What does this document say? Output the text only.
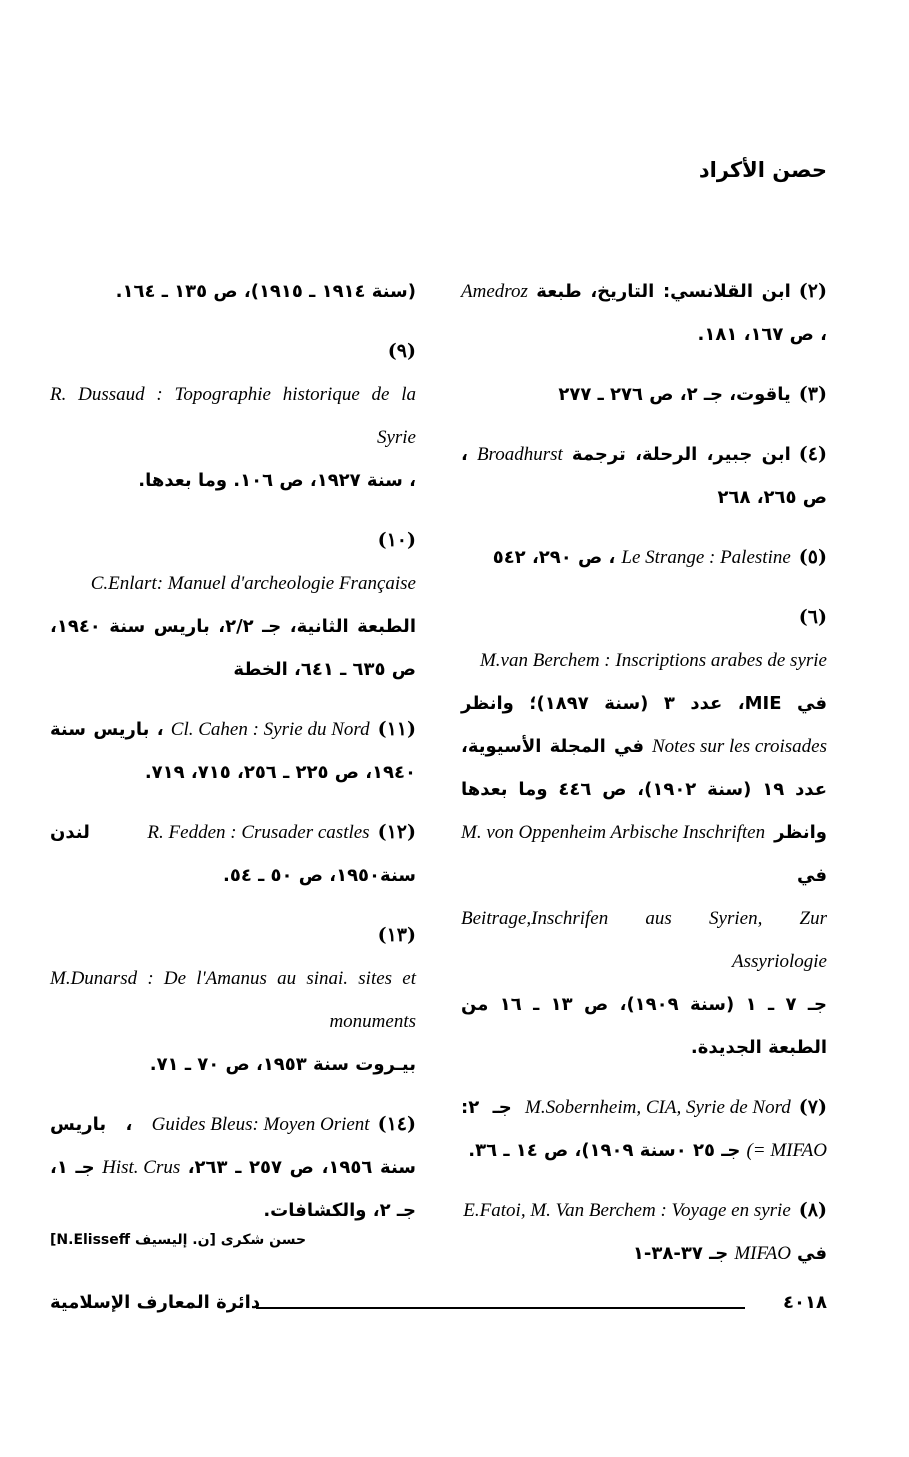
حصن الأكراد
(٢)ابن القلانسي: التاريخ، طبعة Amedroz ، ص ١٦٧، ١٨١.
(٣)ياقوت، جـ ٢، ص ٢٧٦ ـ ٢٧٧
(٤)ابن جبير، الرحلة، ترجمة Broadhurst ، ص ٢٦٥، ٢٦٨
(٥)Le Strange : Palestine ، ص ٢٩٠، ٥٤٢
(٦)M.van Berchem : Inscriptions arabes de syrie في MIE، عدد ٣ (سنة ١٨٩٧)؛ وانظر Notes sur les croisades في المجلة الأسيوية، عدد ١٩ (سنة ١٩٠٢)، ص ٤٤٦ وما بعدها وانظر M. von Oppenheim Arbische Inschriften في Beitrage,Inschrifen aus Syrien, Zur Assyriologie جـ ٧ ـ ١ (سنة ١٩٠٩)، ص ١٣ ـ ١٦ من الطبعة الجديدة.
(٧)M.Sobernheim, CIA, Syrie de Nord جـ ٢: (= MIFAO جـ ٢٥ ٠سنة ١٩٠٩)، ص ١٤ ـ ٣٦.
(٨)E.Fatoi, M. Van Berchem : Voyage en syrie في MIFAO جـ ٣٧-٣٨-١
(سنة ١٩١٤ ـ ١٩١٥)، ص ١٣٥ ـ ١٦٤.
(٩)R. Dussaud : Topographie historique de la Syrie ، سنة ١٩٢٧، ص ١٠٦. وما بعدها.
(١٠)C.Enlart: Manuel d'archeologie Française الطبعة الثانية، جـ ٢/٢، باريس سنة ١٩٤٠، ص ٦٣٥ ـ ٦٤١، الخطة
(١١)Cl. Cahen : Syrie du Nord ، باريس سنة ١٩٤٠، ص ٢٢٥ ـ ٢٥٦، ٧١٥، ٧١٩.
(١٢)R. Fedden : Crusader castles لندن سنة١٩٥٠، ص ٥٠ ـ ٥٤.
(١٣)M.Dunarsd : De l'Amanus au sinai. sites et monuments بيـروت سنة ١٩٥٣، ص ٧٠ ـ ٧١.
(١٤)Guides Bleus: Moyen Orient ، باريس سنة ١٩٥٦، ص ٢٥٧ ـ ٢٦٣، Hist. Crus جـ ١، جـ ٢، والكشافات.
حسن شكرى [ن. إليسيف N.Elisseff]
٤٠١٨
دائرة المعارف الإسلامية
